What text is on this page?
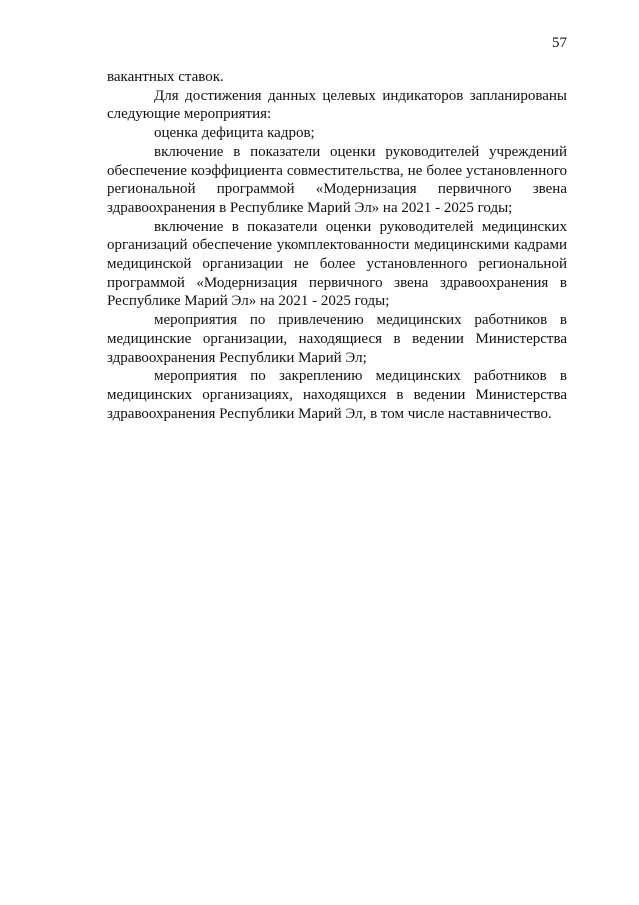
57

вакантных ставок.

Для достижения данных целевых индикаторов запланированы следующие мероприятия:

оценка дефицита кадров;

включение в показатели оценки руководителей учреждений обеспечение коэффициента совместительства, не более установленного региональной программой «Модернизация первичного звена здравоохранения в Республике Марий Эл» на 2021 - 2025 годы;

включение в показатели оценки руководителей медицинских организаций обеспечение укомплектованности медицинскими кадрами медицинской организации не более установленного региональной программой «Модернизация первичного звена здравоохранения в Республике Марий Эл» на 2021 - 2025 годы;

мероприятия по привлечению медицинских работников в медицинские организации, находящиеся в ведении Министерства здравоохранения Республики Марий Эл;

мероприятия по закреплению медицинских работников в медицинских организациях, находящихся в ведении Министерства здравоохранения Республики Марий Эл, в том числе наставничество.
